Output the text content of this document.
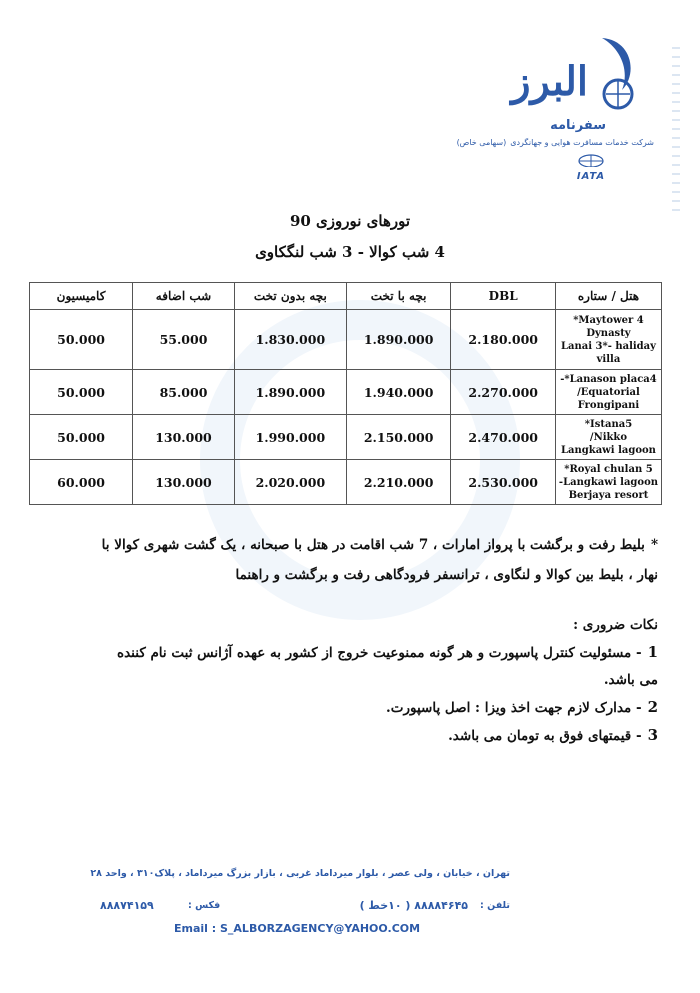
البرز
سفرنامه
شرکت خدمات مسافرت هوایی و جهانگردی(سهامی خاص)
IATA
تورهای نوروزی 90
4 شب کوالا - 3 شب لنگکاوی
هتل / ستاره	DBL	بچه با تخت	بچه بدون تخت	شب اضافه	کامیسیون

Maytower 4*
Dynasty
Lanai 3*- haliday
villa	2.180.000	1.890.000	1.830.000	55.000	50.000

Lanason placa4*-
Equatorial/
Frongipani	2.270.000	1.940.000	1.890.000	85.000	50.000

Istana5*
Nikko/
Langkawi lagoon	2.470.000	2.150.000	1.990.000	130.000	50.000

Royal chulan 5*
Langkawi lagoon-
Berjaya resort	2.530.000	2.210.000	2.020.000	130.000	60.000
*بلیط رفت و برگشت با پرواز امارات ، 7 شب اقامت در هتل با صبحانه ، یک گشت شهری کوالا با
نهار ، بلیط بین کوالا و لنگاوی ، ترانسفر فرودگاهی رفت و برگشت و راهنما
نکات ضروری :
1- مسئولیت کنترل پاسپورت و هر گونه ممنوعیت خروج از کشور به عهده آژانس ثبت نام کننده
می باشد.
2- مدارک لازم جهت اخذ ویزا : اصل پاسپورت.
3- قیمتهای فوق به تومان می باشد.
تهران ، خیابان ، ولی عصر ، بلوار میرداماد غربی ، بازار بزرگ میرداماد ، پلاک۳۱۰ ، واحد ۲۸
فکس :
۸۸۸۷۴۱۵۹	تلفن :
۸۸۸۸۴۶۴۵ ( ۱۰خط )
Email : S_ALBORZAGENCY@YAHOO.COM
